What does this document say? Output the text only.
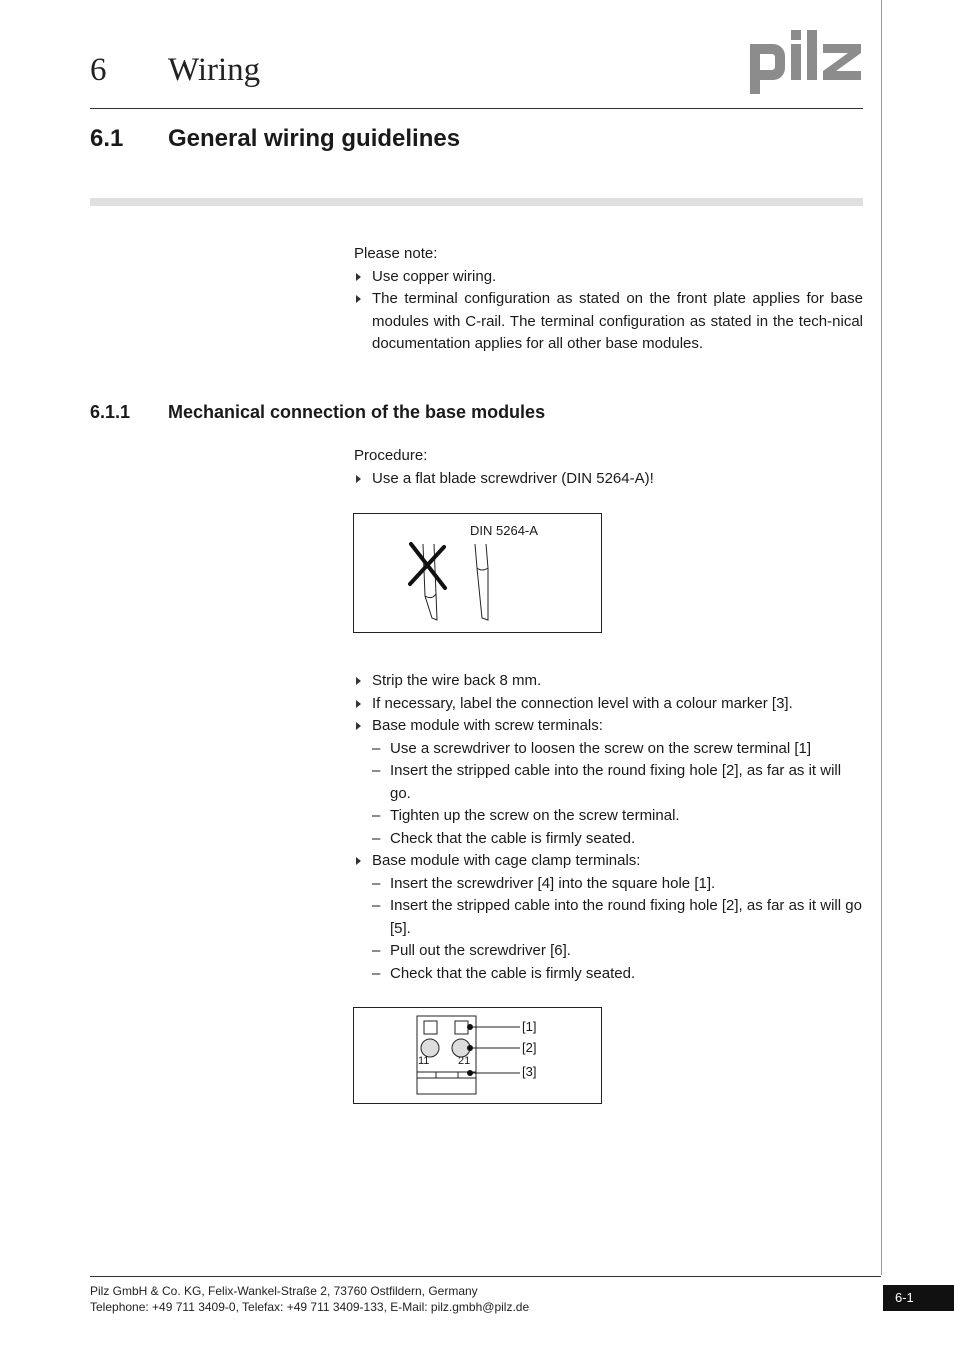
6 Wiring
6.1 General wiring guidelines

Please note:

Use copper wiring.

The terminal configuration as stated on the front plate applies for base modules with C-rail. The terminal configuration as stated in the tech-nical documentation applies for all other base modules.

6.1.1 Mechanical connection of the base modules

Procedure:

Use a flat blade screwdriver (DIN 5264-A)!

DIN 5264-A

Strip the wire back 8 mm.

If necessary, label the connection level with a colour marker [3].

Base module with screw terminals:

– Use a screwdriver to loosen the screw on the screw terminal [1]

– Insert the stripped cable into the round fixing hole [2], as far as it will go.

– Tighten up the screw on the screw terminal.

– Check that the cable is firmly seated.

Base module with cage clamp terminals:

– Insert the screwdriver [4] into the square hole [1].

– Insert the stripped cable into the round fixing hole [2], as far as it will go [5].

– Pull out the screwdriver [6].

– Check that the cable is firmly seated.

11	21
[1]
[2]
[3]
Pilz GmbH & Co. KG, Felix-Wankel-Straße 2, 73760 Ostfildern, Germany
Telephone: +49 711 3409-0, Telefax: +49 711 3409-133, E-Mail: pilz.gmbh@pilz.de
6-1
